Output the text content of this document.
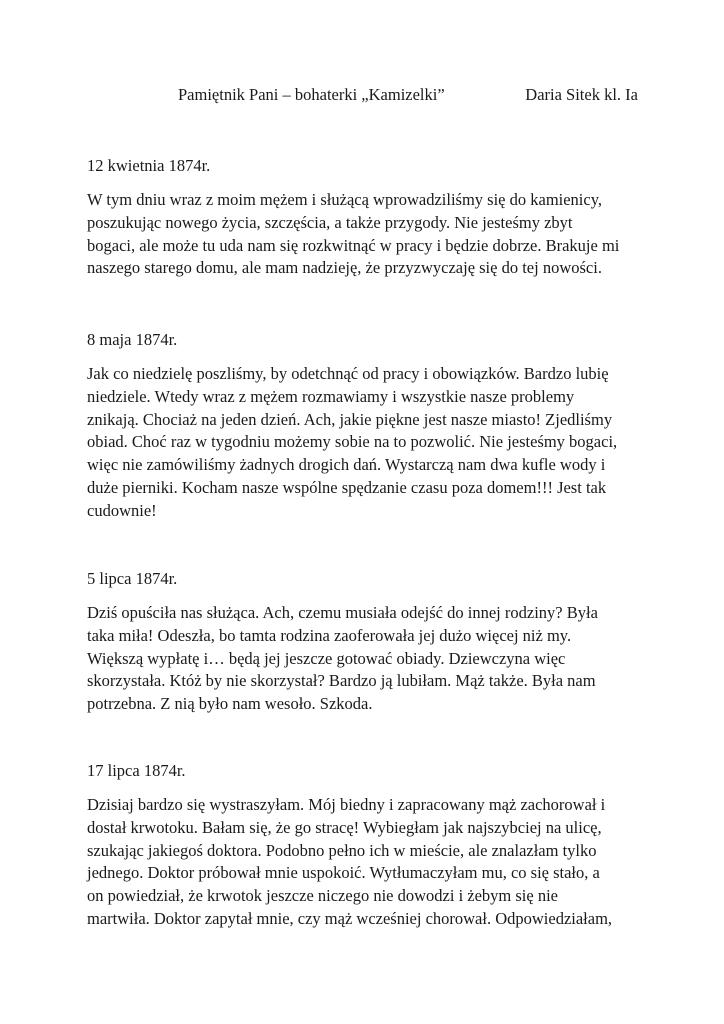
Pamiętnik Pani – bohaterki „Kamizelki”	Daria Sitek kl. Ia
12 kwietnia 1874r.
W tym dniu wraz z moim mężem i służącą wprowadziliśmy się do kamienicy,
poszukując nowego życia, szczęścia, a także przygody. Nie jesteśmy zbyt
bogaci, ale może tu uda nam się rozkwitnąć w pracy i będzie dobrze. Brakuje mi
naszego starego domu, ale mam nadzieję, że przyzwyczaję się do tej nowości.
8 maja 1874r.
Jak co niedzielę poszliśmy, by odetchnąć od pracy i obowiązków. Bardzo lubię
niedziele. Wtedy wraz z mężem rozmawiamy i wszystkie nasze problemy
znikają. Chociaż na jeden dzień. Ach, jakie piękne jest nasze miasto! Zjedliśmy
obiad. Choć raz w tygodniu możemy sobie na to pozwolić. Nie jesteśmy bogaci,
więc nie zamówiliśmy żadnych drogich dań. Wystarczą nam dwa kufle wody i
duże pierniki. Kocham nasze wspólne spędzanie czasu poza domem!!! Jest tak
cudownie!
5 lipca 1874r.
Dziś opuściła nas służąca. Ach, czemu musiała odejść do innej rodziny? Była
taka miła! Odeszła, bo tamta rodzina zaoferowała jej dużo więcej niż my.
Większą wypłatę i… będą jej jeszcze gotować obiady. Dziewczyna więc
skorzystała. Któż by nie skorzystał? Bardzo ją lubiłam. Mąż także. Była nam
potrzebna. Z nią było nam wesoło. Szkoda.
17 lipca 1874r.
Dzisiaj bardzo się wystraszyłam. Mój biedny i zapracowany mąż zachorował i
dostał krwotoku. Bałam się, że go stracę! Wybiegłam jak najszybciej na ulicę,
szukając jakiegoś doktora. Podobno pełno ich w mieście, ale znalazłam tylko
jednego. Doktor próbował mnie uspokoić. Wytłumaczyłam mu, co się stało, a
on powiedział, że krwotok jeszcze niczego nie dowodzi i żebym się nie
martwiła. Doktor zapytał mnie, czy mąż wcześniej chorował. Odpowiedziałam,
